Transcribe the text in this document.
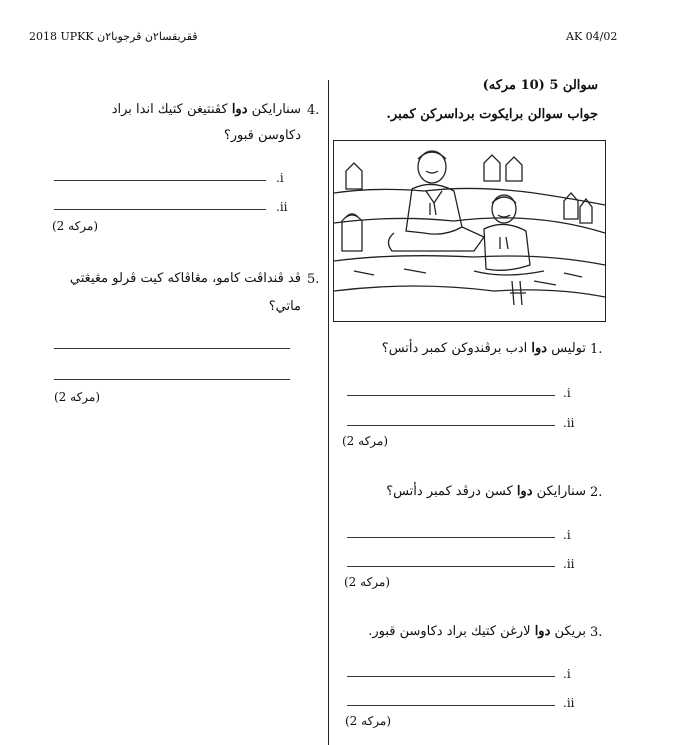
2018 UPKK ڤقريقسا٢ن ڤرجوبا٢ن	AK 04/02
سوالن 5 (10 مركه)
جواب سوالن برايكوت برداسركن كمبر.
1.
توليس دوا ادب برڤندوكن كمبر دأتس؟
.i
.ii
(2 مركه)
2.
سنارايكن دوا كسن درڤد كمبر دأتس؟
.i
.ii
(2 مركه)
3.
بريكن دوا لارغن كتيك براد دكاوسن قبور.
.i
.ii
(2 مركه)
4.
سنارايكن دوا كڤنتيغن كتيك اندا براد
دكاوسن قبور؟
.i
.ii
(2 مركه)
5.
ڤد ڤنداڤت كامو، مڠاڤاكه كيت ڤرلو مڠيڠتي
ماتي؟
(2 مركه)
